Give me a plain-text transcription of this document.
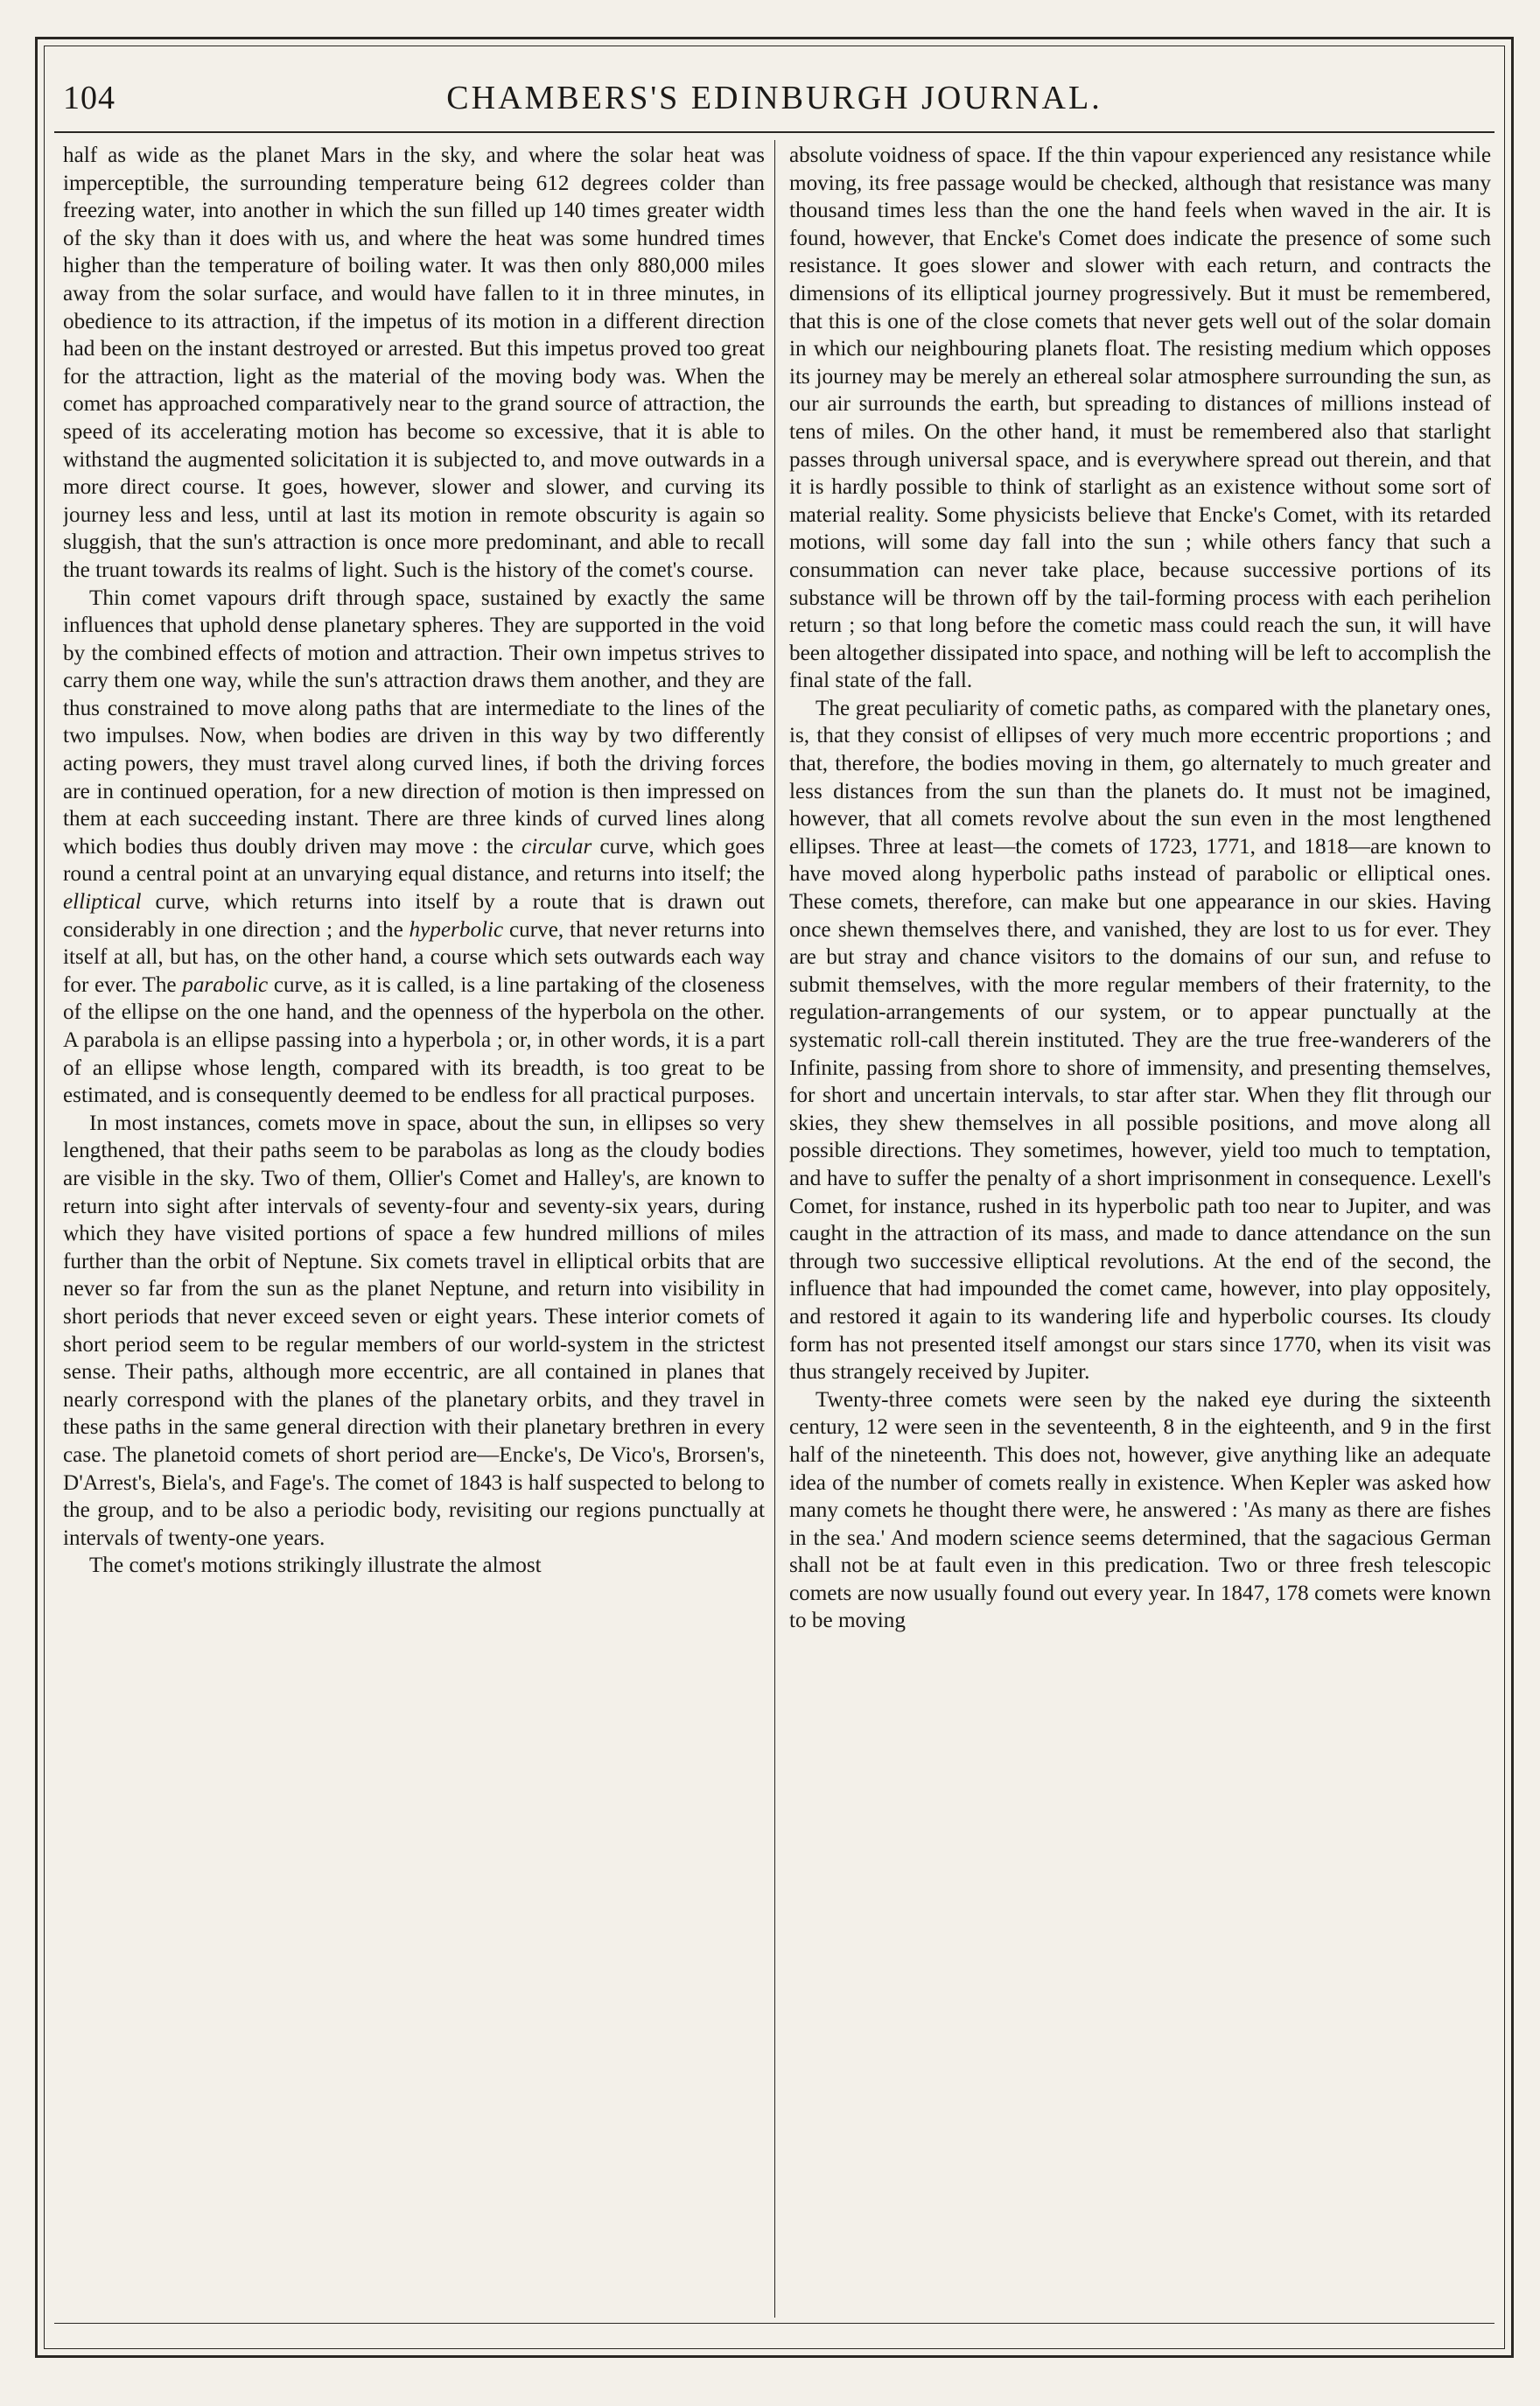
104	CHAMBERS'S EDINBURGH JOURNAL.

half as wide as the planet Mars in the sky, and where the solar heat was imperceptible, the surrounding temperature being 612 degrees colder than freezing water, into another in which the sun filled up 140 times greater width of the sky than it does with us, and where the heat was some hundred times higher than the temperature of boiling water. It was then only 880,000 miles away from the solar surface, and would have fallen to it in three minutes, in obedience to its attraction, if the impetus of its motion in a different direction had been on the instant destroyed or arrested. But this impetus proved too great for the attraction, light as the material of the moving body was. When the comet has approached comparatively near to the grand source of attraction, the speed of its accelerating motion has become so excessive, that it is able to withstand the augmented solicitation it is subjected to, and move outwards in a more direct course. It goes, however, slower and slower, and curving its journey less and less, until at last its motion in remote obscurity is again so sluggish, that the sun's attraction is once more predominant, and able to recall the truant towards its realms of light. Such is the history of the comet's course.

Thin comet vapours drift through space, sustained by exactly the same influences that uphold dense planetary spheres. They are supported in the void by the combined effects of motion and attraction. Their own impetus strives to carry them one way, while the sun's attraction draws them another, and they are thus constrained to move along paths that are intermediate to the lines of the two impulses. Now, when bodies are driven in this way by two differently acting powers, they must travel along curved lines, if both the driving forces are in continued operation, for a new direction of motion is then impressed on them at each succeeding instant. There are three kinds of curved lines along which bodies thus doubly driven may move : the circular curve, which goes round a central point at an unvarying equal distance, and returns into itself; the elliptical curve, which returns into itself by a route that is drawn out considerably in one direction ; and the hyperbolic curve, that never returns into itself at all, but has, on the other hand, a course which sets outwards each way for ever. The parabolic curve, as it is called, is a line partaking of the closeness of the ellipse on the one hand, and the openness of the hyperbola on the other. A parabola is an ellipse passing into a hyperbola ; or, in other words, it is a part of an ellipse whose length, compared with its breadth, is too great to be estimated, and is consequently deemed to be endless for all practical purposes.

In most instances, comets move in space, about the sun, in ellipses so very lengthened, that their paths seem to be parabolas as long as the cloudy bodies are visible in the sky. Two of them, Ollier's Comet and Halley's, are known to return into sight after intervals of seventy-four and seventy-six years, during which they have visited portions of space a few hundred millions of miles further than the orbit of Neptune. Six comets travel in elliptical orbits that are never so far from the sun as the planet Neptune, and return into visibility in short periods that never exceed seven or eight years. These interior comets of short period seem to be regular members of our world-system in the strictest sense. Their paths, although more eccentric, are all contained in planes that nearly correspond with the planes of the planetary orbits, and they travel in these paths in the same general direction with their planetary brethren in every case. The planetoid comets of short period are—Encke's, De Vico's, Brorsen's, D'Arrest's, Biela's, and Fage's. The comet of 1843 is half suspected to belong to the group, and to be also a periodic body, revisiting our regions punctually at intervals of twenty-one years.

The comet's motions strikingly illustrate the almost

absolute voidness of space. If the thin vapour experienced any resistance while moving, its free passage would be checked, although that resistance was many thousand times less than the one the hand feels when waved in the air. It is found, however, that Encke's Comet does indicate the presence of some such resistance. It goes slower and slower with each return, and contracts the dimensions of its elliptical journey progressively. But it must be remembered, that this is one of the close comets that never gets well out of the solar domain in which our neighbouring planets float. The resisting medium which opposes its journey may be merely an ethereal solar atmosphere surrounding the sun, as our air surrounds the earth, but spreading to distances of millions instead of tens of miles. On the other hand, it must be remembered also that starlight passes through universal space, and is everywhere spread out therein, and that it is hardly possible to think of starlight as an existence without some sort of material reality. Some physicists believe that Encke's Comet, with its retarded motions, will some day fall into the sun ; while others fancy that such a consummation can never take place, because successive portions of its substance will be thrown off by the tail-forming process with each perihelion return ; so that long before the cometic mass could reach the sun, it will have been altogether dissipated into space, and nothing will be left to accomplish the final state of the fall.

The great peculiarity of cometic paths, as compared with the planetary ones, is, that they consist of ellipses of very much more eccentric proportions ; and that, therefore, the bodies moving in them, go alternately to much greater and less distances from the sun than the planets do. It must not be imagined, however, that all comets revolve about the sun even in the most lengthened ellipses. Three at least—the comets of 1723, 1771, and 1818—are known to have moved along hyperbolic paths instead of parabolic or elliptical ones. These comets, therefore, can make but one appearance in our skies. Having once shewn themselves there, and vanished, they are lost to us for ever. They are but stray and chance visitors to the domains of our sun, and refuse to submit themselves, with the more regular members of their fraternity, to the regulation-arrangements of our system, or to appear punctually at the systematic roll-call therein instituted. They are the true free-wanderers of the Infinite, passing from shore to shore of immensity, and presenting themselves, for short and uncertain intervals, to star after star. When they flit through our skies, they shew themselves in all possible positions, and move along all possible directions. They sometimes, however, yield too much to temptation, and have to suffer the penalty of a short imprisonment in consequence. Lexell's Comet, for instance, rushed in its hyperbolic path too near to Jupiter, and was caught in the attraction of its mass, and made to dance attendance on the sun through two successive elliptical revolutions. At the end of the second, the influence that had impounded the comet came, however, into play oppositely, and restored it again to its wandering life and hyperbolic courses. Its cloudy form has not presented itself amongst our stars since 1770, when its visit was thus strangely received by Jupiter.

Twenty-three comets were seen by the naked eye during the sixteenth century, 12 were seen in the seventeenth, 8 in the eighteenth, and 9 in the first half of the nineteenth. This does not, however, give anything like an adequate idea of the number of comets really in existence. When Kepler was asked how many comets he thought there were, he answered : 'As many as there are fishes in the sea.' And modern science seems determined, that the sagacious German shall not be at fault even in this predication. Two or three fresh telescopic comets are now usually found out every year. In 1847, 178 comets were known to be moving
